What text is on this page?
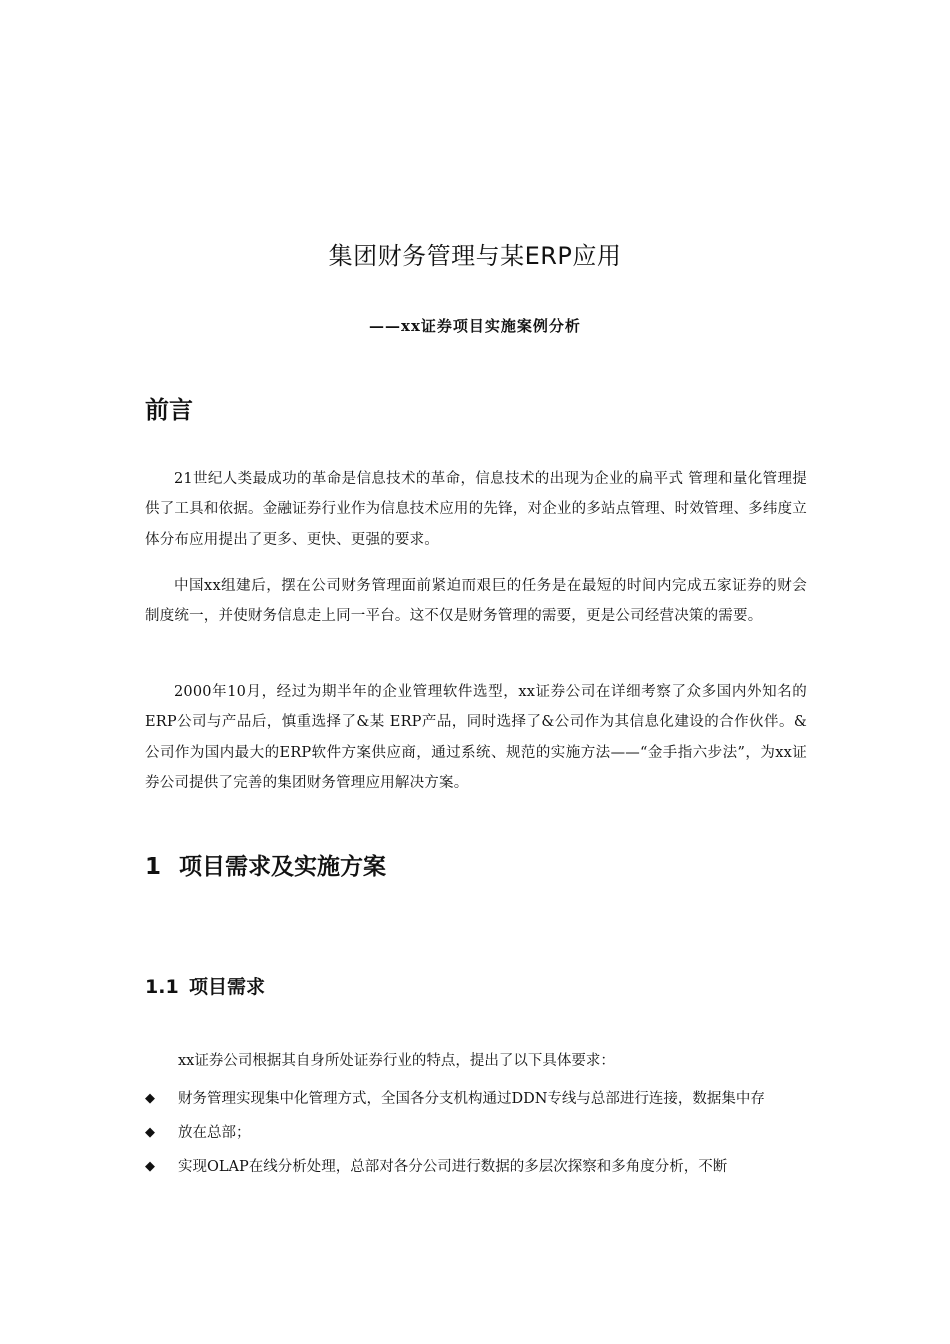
集团财务管理与某ERP应用
——xx证券项目实施案例分析
前言

21世纪人类最成功的革命是信息技术的革命，信息技术的出现为企业的扁平式 管理和量化管理提供了工具和依据。金融证券行业作为信息技术应用的先锋，对企业的多站点管理、时效管理、多纬度立体分布应用提出了更多、更快、更强的要求。

中国xx组建后，摆在公司财务管理面前紧迫而艰巨的任务是在最短的时间内完成五家证券的财会制度统一，并使财务信息走上同一平台。这不仅是财务管理的需要，更是公司经营决策的需要。

2000年10月，经过为期半年的企业管理软件选型，xx证券公司在详细考察了众多国内外知名的ERP公司与产品后，慎重选择了&某 ERP产品，同时选择了&公司作为其信息化建设的合作伙伴。&公司作为国内最大的ERP软件方案供应商，通过系统、规范的实施方法——“金手指六步法”，为xx证券公司提供了完善的集团财务管理应用解决方案。

1 项目需求及实施方案
1.1 项目需求
xx证券公司根据其自身所处证券行业的特点，提出了以下具体要求：
◆ 财务管理实现集中化管理方式，全国各分支机构通过DDN专线与总部进行连接，数据集中存
◆ 放在总部；
◆ 实现OLAP在线分析处理，总部对各分公司进行数据的多层次探察和多角度分析，不断
